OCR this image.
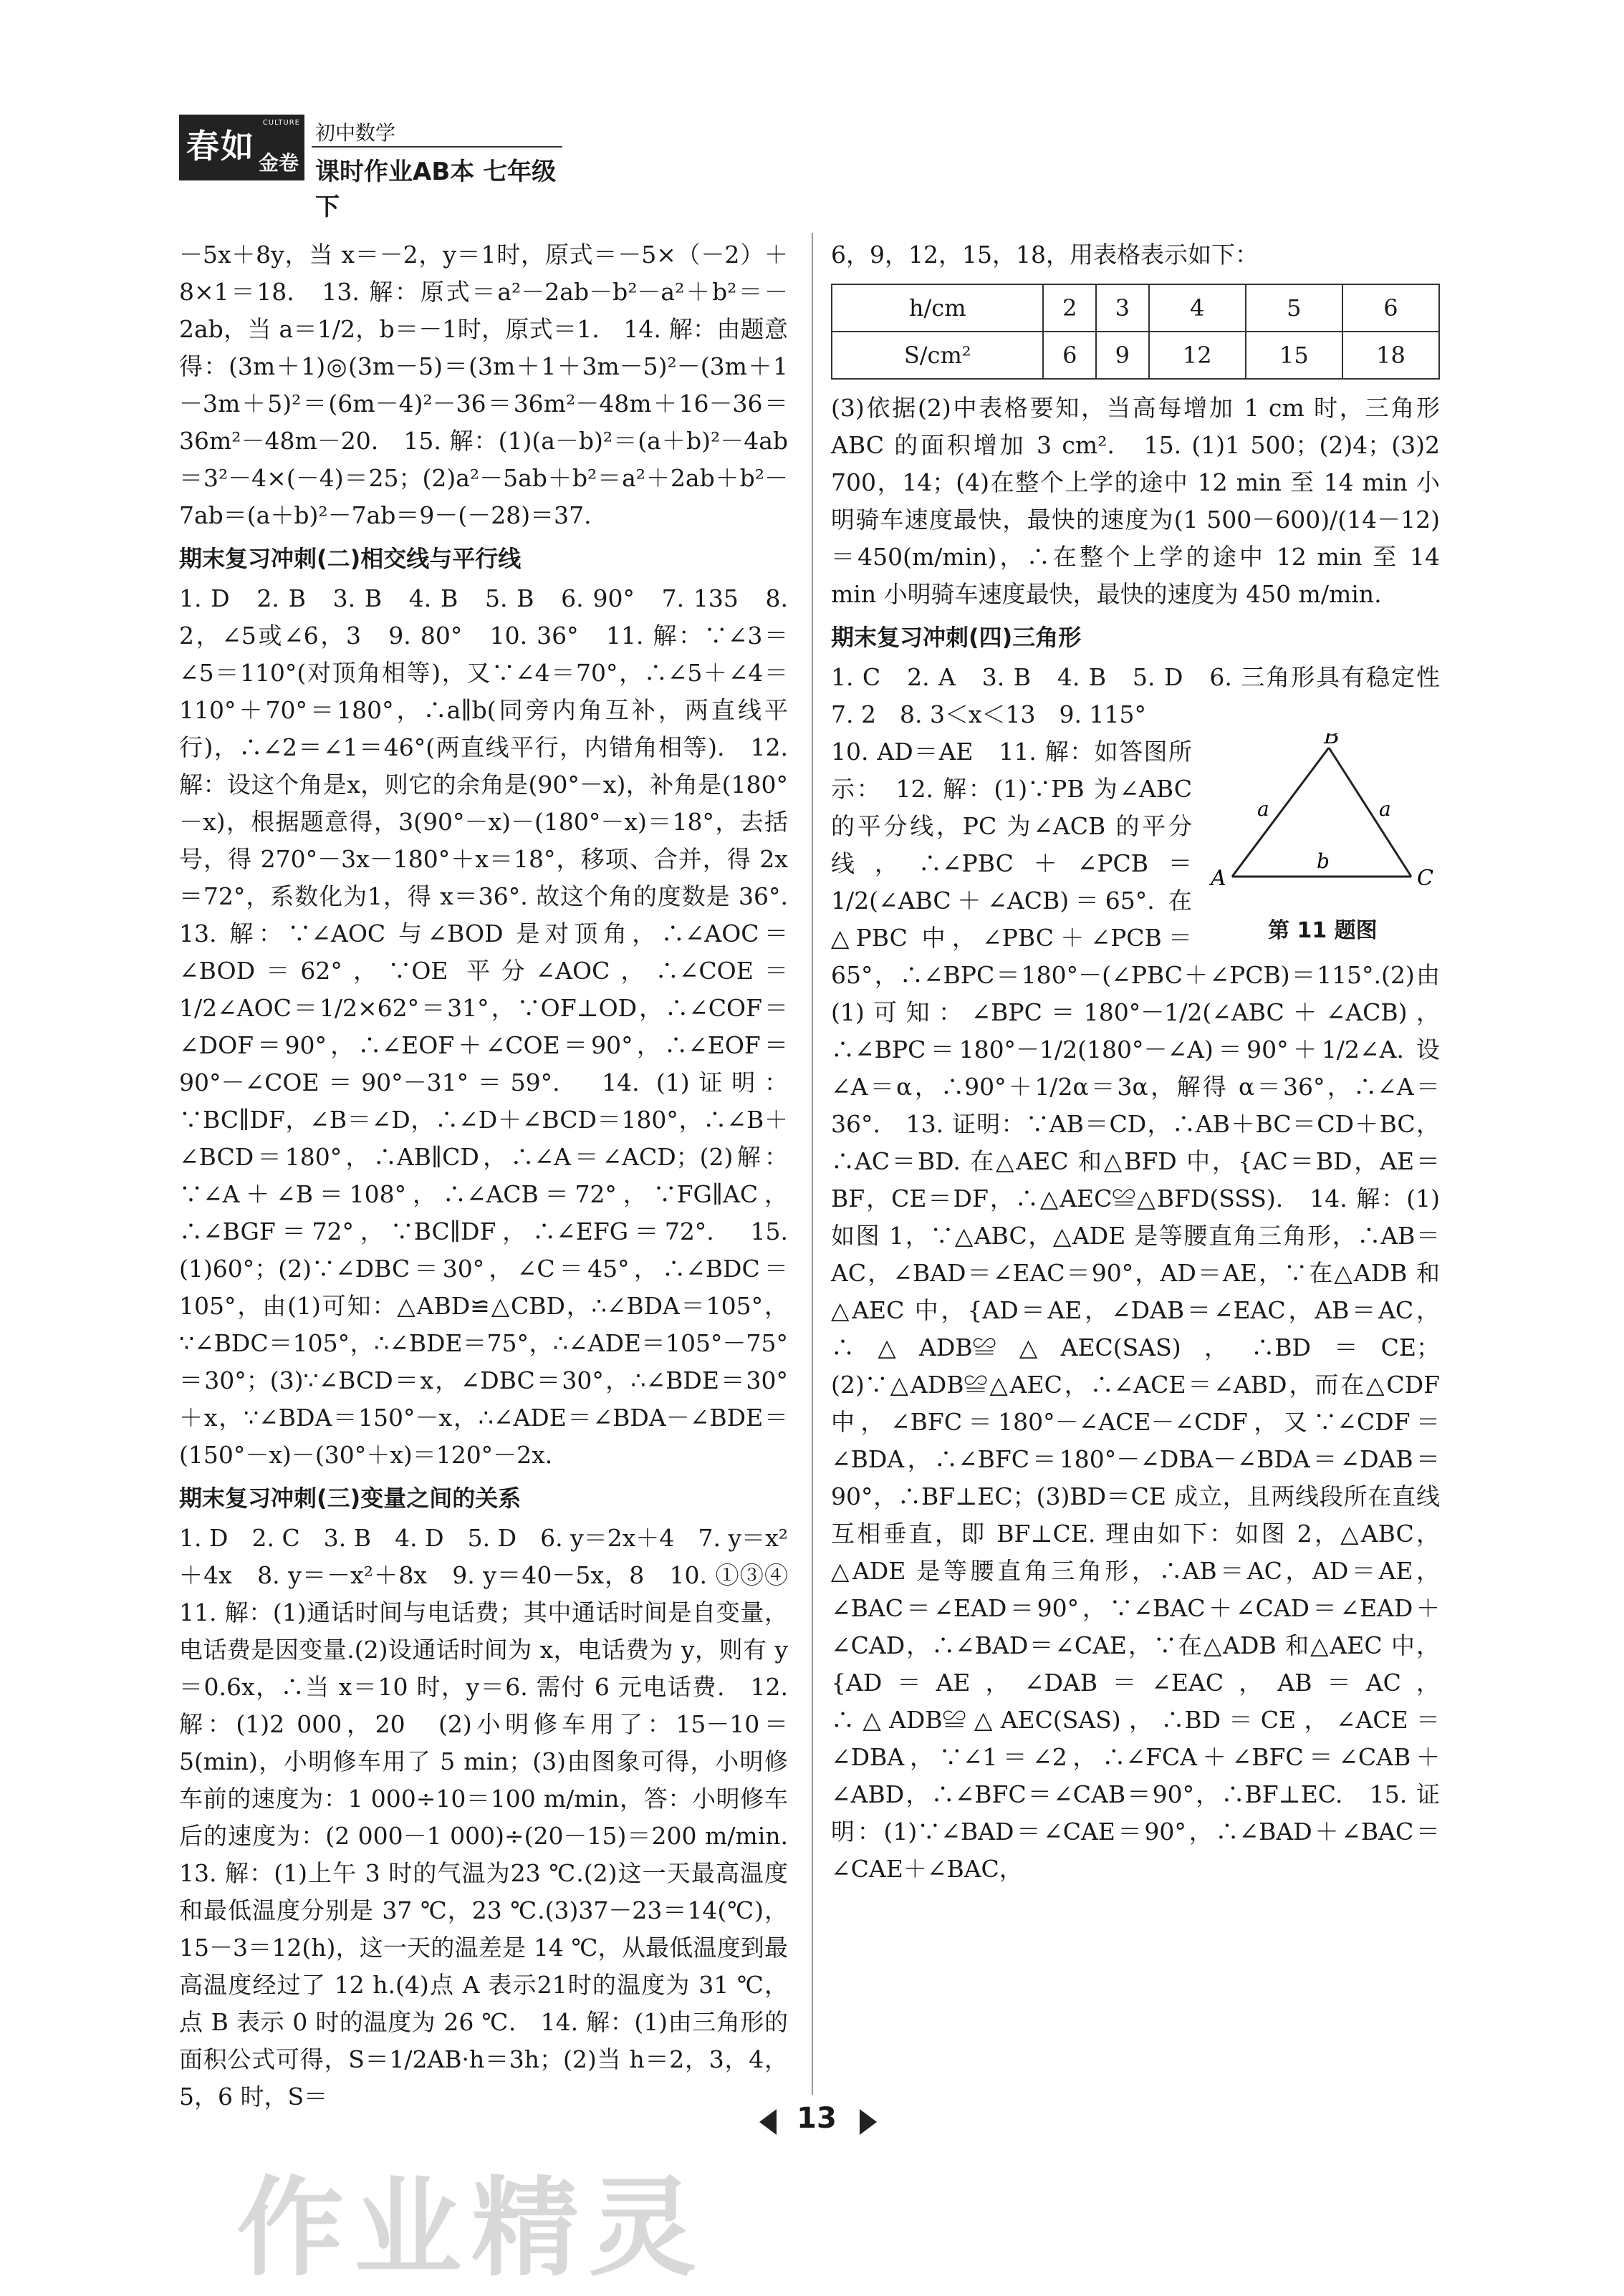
春如
CULTURE
金卷
初中数学
课时作业AB本 七年级下

－5x＋8y，当 x＝－2，y＝1时，原式＝－5×（－2）＋8×1＝18.　13. 解：原式＝a²－2ab－b²－a²＋b²＝－2ab，当 a＝1/2，b＝－1时，原式＝1.　14. 解：由题意得：(3m＋1)◎(3m－5)＝(3m＋1＋3m－5)²－(3m＋1－3m＋5)²＝(6m－4)²－36＝36m²－48m＋16－36＝36m²－48m－20.　15. 解：(1)(a－b)²＝(a＋b)²－4ab＝3²－4×(－4)＝25；(2)a²－5ab＋b²＝a²＋2ab＋b²－7ab＝(a＋b)²－7ab＝9－(－28)＝37.

期末复习冲刺(二)相交线与平行线

1. D　2. B　3. B　4. B　5. B　6. 90°　7. 135　8. 2，∠5或∠6，3　9. 80°　10. 36°　11. 解：∵∠3＝∠5＝110°(对顶角相等)，又∵∠4＝70°，∴∠5＋∠4＝110°＋70°＝180°，∴a∥b(同旁内角互补，两直线平行)，∴∠2＝∠1＝46°(两直线平行，内错角相等).　12. 解：设这个角是x，则它的余角是(90°－x)，补角是(180°－x)，根据题意得，3(90°－x)－(180°－x)＝18°，去括号，得 270°－3x－180°＋x＝18°，移项、合并，得 2x＝72°，系数化为1，得 x＝36°. 故这个角的度数是 36°.　13. 解：∵∠AOC 与∠BOD 是对顶角，∴∠AOC＝∠BOD＝62°，∵OE 平分∠AOC，∴∠COE＝1/2∠AOC＝1/2×62°＝31°，∵OF⊥OD，∴∠COF＝∠DOF＝90°，∴∠EOF＋∠COE＝90°，∴∠EOF＝90°－∠COE＝90°－31°＝59°.　14. (1)证明：∵BC∥DF，∠B＝∠D，∴∠D＋∠BCD＝180°，∴∠B＋∠BCD＝180°，∴AB∥CD，∴∠A＝∠ACD；(2)解：∵∠A＋∠B＝108°，∴∠ACB＝72°，∵FG∥AC，∴∠BGF＝72°，∵BC∥DF，∴∠EFG＝72°.　15. (1)60°；(2)∵∠DBC＝30°，∠C＝45°，∴∠BDC＝105°，由(1)可知：△ABD≌△CBD，∴∠BDA＝105°，∵∠BDC＝105°，∴∠BDE＝75°，∴∠ADE＝105°－75°＝30°；(3)∵∠BCD＝x，∠DBC＝30°，∴∠BDE＝30°＋x，∵∠BDA＝150°－x，∴∠ADE＝∠BDA－∠BDE＝(150°－x)－(30°＋x)＝120°－2x.

期末复习冲刺(三)变量之间的关系

1. D　2. C　3. B　4. D　5. D　6. y＝2x＋4　7. y＝x²＋4x　8. y＝－x²＋8x　9. y＝40－5x，8　10. ①③④　11. 解：(1)通话时间与电话费；其中通话时间是自变量，电话费是因变量.(2)设通话时间为 x，电话费为 y，则有 y＝0.6x，∴当 x＝10 时，y＝6. 需付 6 元电话费.　12. 解：(1)2 000，20　(2)小明修车用了：15－10＝5(min)，小明修车用了 5 min；(3)由图象可得，小明修车前的速度为：1 000÷10＝100 m/min，答：小明修车后的速度为：(2 000－1 000)÷(20－15)＝200 m/min.　13. 解：(1)上午 3 时的气温为23 ℃.(2)这一天最高温度和最低温度分别是 37 ℃，23 ℃.(3)37－23＝14(℃)，15－3＝12(h)，这一天的温差是 14 ℃，从最低温度到最高温度经过了 12 h.(4)点 A 表示21时的温度为 31 ℃，点 B 表示 0 时的温度为 26 ℃.　14. 解：(1)由三角形的面积公式可得，S＝1/2AB·h＝3h；(2)当 h＝2，3，4，5，6 时，S＝

6，9，12，15，18，用表格表示如下：

h/cm	2	3	4	5	6
S/cm²	6	9	12	15	18

(3)依据(2)中表格要知，当高每增加 1 cm 时，三角形 ABC 的面积增加 3 cm².　15. (1)1 500；(2)4；(3)2 700，14；(4)在整个上学的途中 12 min 至 14 min 小明骑车速度最快，最快的速度为(1 500－600)/(14－12)＝450(m/min)，∴在整个上学的途中 12 min 至 14 min 小明骑车速度最快，最快的速度为 450 m/min.

期末复习冲刺(四)三角形

1. C　2. A　3. B　4. B　5. D　6. 三角形具有稳定性　7. 2　8. 3＜x＜13　9. 115°

A
B
C
a	a
b
第 11 题图

10. AD＝AE　11. 解：如答图所示：　12. 解：(1)∵PB 为∠ABC 的平分线，PC 为∠ACB 的平分线，∴∠PBC＋∠PCB＝1/2(∠ABC＋∠ACB)＝65°. 在△PBC 中，∠PBC＋∠PCB＝65°，∴∠BPC＝180°－(∠PBC＋∠PCB)＝115°.(2)由(1)可知：∠BPC＝180°－1/2(∠ABC＋∠ACB)，∴∠BPC＝180°－1/2(180°－∠A)＝90°＋1/2∠A. 设∠A＝α，∴90°＋1/2α＝3α，解得 α＝36°，∴∠A＝36°.　13. 证明：∵AB＝CD，∴AB＋BC＝CD＋BC，∴AC＝BD. 在△AEC 和△BFD 中，{AC＝BD，AE＝BF，CE＝DF，∴△AEC≌△BFD(SSS).　14. 解：(1)如图 1，∵△ABC，△ADE 是等腰直角三角形，∴AB＝AC，∠BAD＝∠EAC＝90°，AD＝AE，∵在△ADB 和△AEC 中，{AD＝AE，∠DAB＝∠EAC，AB＝AC，∴△ADB≌△AEC(SAS)，∴BD＝CE；(2)∵△ADB≌△AEC，∴∠ACE＝∠ABD，而在△CDF 中，∠BFC＝180°－∠ACE－∠CDF，又∵∠CDF＝∠BDA，∴∠BFC＝180°－∠DBA－∠BDA＝∠DAB＝90°，∴BF⊥EC；(3)BD＝CE 成立，且两线段所在直线互相垂直，即 BF⊥CE. 理由如下：如图 2，△ABC，△ADE 是等腰直角三角形，∴AB＝AC，AD＝AE，∠BAC＝∠EAD＝90°，∵∠BAC＋∠CAD＝∠EAD＋∠CAD，∴∠BAD＝∠CAE，∵在△ADB 和△AEC 中，{AD＝AE，∠DAB＝∠EAC，AB＝AC，∴△ADB≌△AEC(SAS)，∴BD＝CE，∠ACE＝∠DBA，∵∠1＝∠2，∴∠FCA＋∠BFC＝∠CAB＋∠ABD，∴∠BFC＝∠CAB＝90°，∴BF⊥EC.　15. 证明：(1)∵∠BAD＝∠CAE＝90°，∴∠BAD＋∠BAC＝∠CAE＋∠BAC，

13
作业精灵
